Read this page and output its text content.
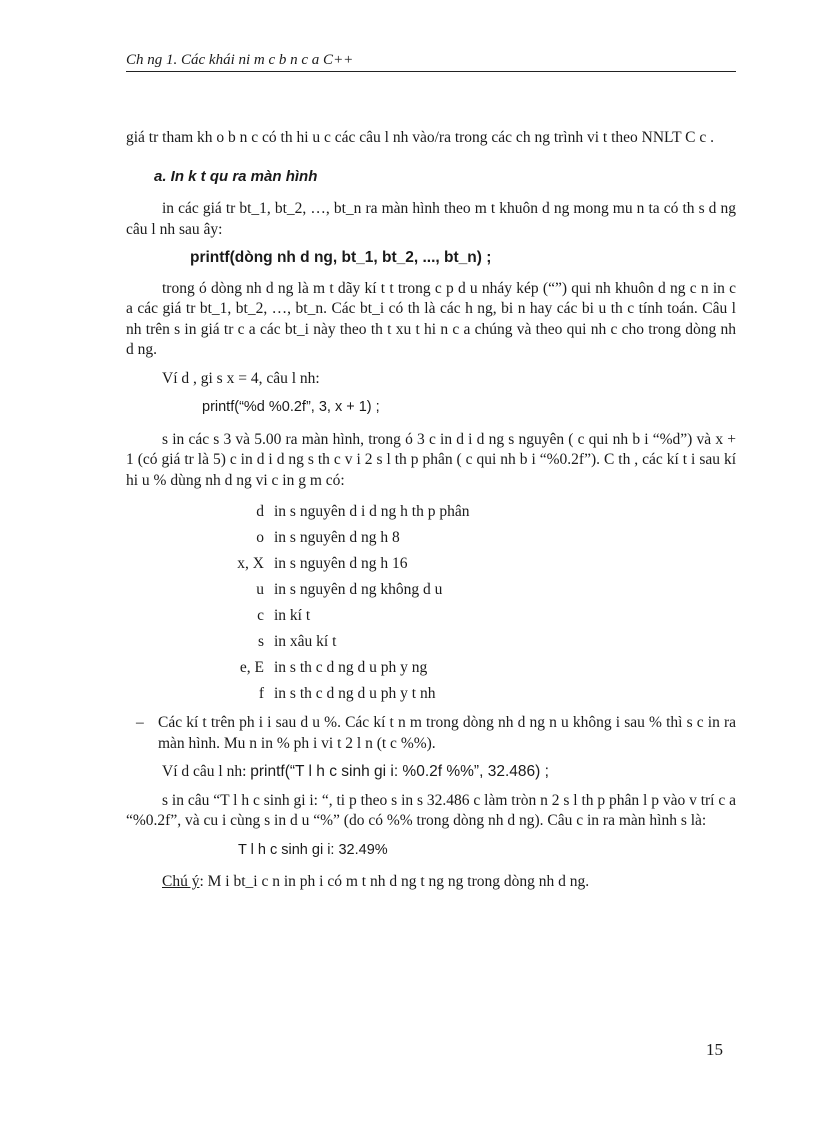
Ch ng 1. Các khái ni m c b n c a C++

giá tr tham kh o b n c có th hi u c các câu l nh vào/ra trong các ch ng trình vi t theo NNLT C c .

a. In k t qu ra màn hình

in các giá tr bt_1, bt_2, …, bt_n ra màn hình theo m t khuôn d ng mong mu n ta có th s d ng câu l nh sau ây:

printf(dòng nh d ng, bt_1, bt_2, ..., bt_n) ;

trong ó dòng nh d ng là m t dãy kí t t trong c p d u nháy kép (“”) qui nh khuôn d ng c n in c a các giá tr bt_1, bt_2, …, bt_n. Các bt_i có th là các h ng, bi n hay các bi u th c tính toán. Câu l nh trên s in giá tr c a các bt_i này theo th t xu t hi n c a chúng và theo qui nh c cho trong dòng nh d ng.

Ví d , gi s x = 4, câu l nh:

printf(“%d %0.2f”, 3, x + 1) ;

s in các s 3 và 5.00 ra màn hình, trong ó 3 c in d i d ng s nguyên ( c qui nh b i “%d”) và x + 1 (có giá tr là 5) c in d i d ng s th c v i 2 s l th p phân ( c qui nh b i “%0.2f”). C th , các kí t i sau kí hi u % dùng nh d ng vi c in g m có:

d in s nguyên d i d ng h th p phân
o in s nguyên d ng h 8
x, X in s nguyên d ng h 16
u in s nguyên d ng không d u
c in kí t
s in xâu kí t
e, E in s th c d ng d u ph y ng
f in s th c d ng d u ph y t nh
– Các kí t trên ph i i sau d u %. Các kí t n m trong dòng nh d ng n u không i sau % thì s c in ra màn hình. Mu n in % ph i vi t 2 l n (t c %%).

Ví d câu l nh: printf(“T l h c sinh gi i: %0.2f %%”, 32.486) ;

s in câu “T l h c sinh gi i: “, ti p theo s in s 32.486 c làm tròn n 2 s l th p phân l p vào v trí c a “%0.2f”, và cu i cùng s in d u “%” (do có %% trong dòng nh d ng). Câu c in ra màn hình s là:

T l h c sinh gi i: 32.49%

Chú ý: M i bt_i c n in ph i có m t nh d ng t ng ng trong dòng nh d ng.

15
